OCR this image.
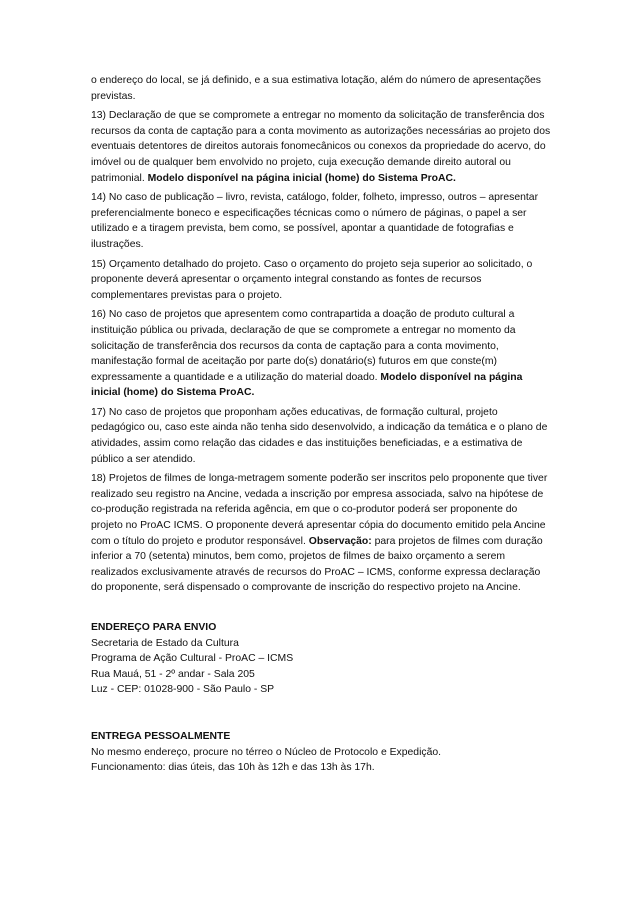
o endereço do local, se já definido, e a sua estimativa lotação, além do número de apresentações previstas.

13) Declaração de que se compromete a entregar no momento da solicitação de transferência dos recursos da conta de captação para a conta movimento as autorizações necessárias ao projeto dos eventuais detentores de direitos autorais fonomecânicos ou conexos da propriedade do acervo, do imóvel ou de qualquer bem envolvido no projeto, cuja execução demande direito autoral ou patrimonial. Modelo disponível na página inicial (home) do Sistema ProAC.

14) No caso de publicação – livro, revista, catálogo, folder, folheto, impresso, outros – apresentar preferencialmente boneco e especificações técnicas como o número de páginas, o papel a ser utilizado e a tiragem prevista, bem como, se possível, apontar a quantidade de fotografias e ilustrações.

15) Orçamento detalhado do projeto. Caso o orçamento do projeto seja superior ao solicitado, o proponente deverá apresentar o orçamento integral constando as fontes de recursos complementares previstas para o projeto.

16) No caso de projetos que apresentem como contrapartida a doação de produto cultural a instituição pública ou privada, declaração de que se compromete a entregar no momento da solicitação de transferência dos recursos da conta de captação para a conta movimento, manifestação formal de aceitação por parte do(s) donatário(s) futuros em que conste(m) expressamente a quantidade e a utilização do material doado. Modelo disponível na página inicial (home) do Sistema ProAC.

17) No caso de projetos que proponham ações educativas, de formação cultural, projeto pedagógico ou, caso este ainda não tenha sido desenvolvido, a indicação da temática e o plano de atividades, assim como relação das cidades e das instituições beneficiadas, e a estimativa de público a ser atendido.

18) Projetos de filmes de longa-metragem somente poderão ser inscritos pelo proponente que tiver realizado seu registro na Ancine, vedada a inscrição por empresa associada, salvo na hipótese de co-produção registrada na referida agência, em que o co-produtor poderá ser proponente do projeto no ProAC ICMS. O proponente deverá apresentar cópia do documento emitido pela Ancine com o título do projeto e produtor responsável. Observação: para projetos de filmes com duração inferior a 70 (setenta) minutos, bem como, projetos de filmes de baixo orçamento a serem realizados exclusivamente através de recursos do ProAC – ICMS, conforme expressa declaração do proponente, será dispensado o comprovante de inscrição do respectivo projeto na Ancine.

ENDEREÇO PARA ENVIO
Secretaria de Estado da Cultura
Programa de Ação Cultural - ProAC – ICMS
Rua Mauá, 51 - 2º andar - Sala 205
Luz - CEP: 01028-900 - São Paulo - SP
ENTREGA PESSOALMENTE
No mesmo endereço, procure no térreo o Núcleo de Protocolo e Expedição.
Funcionamento: dias úteis, das 10h às 12h e das 13h às 17h.
